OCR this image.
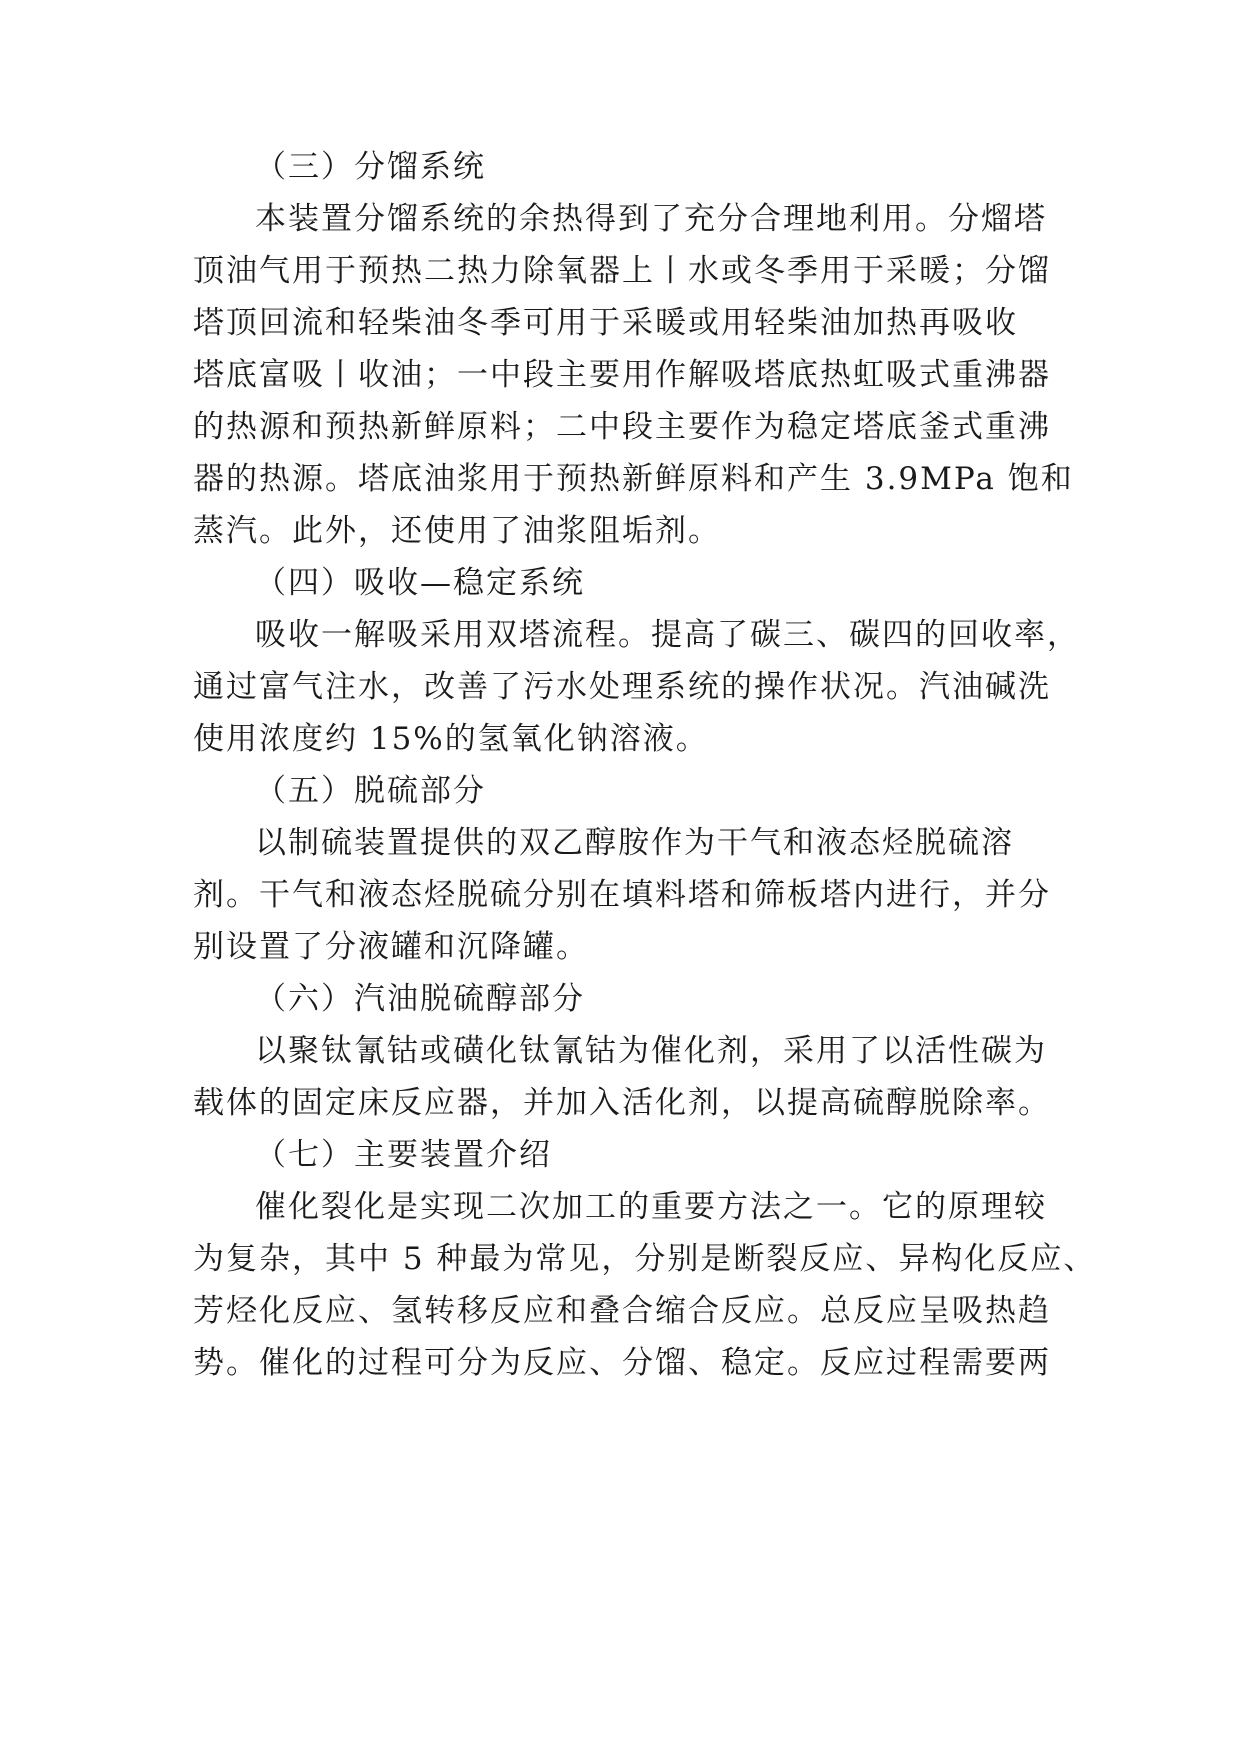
（三）分馏系统
本装置分馏系统的余热得到了充分合理地利用。分熘塔
顶油气用于预热二热力除氧器上丨水或冬季用于采暖；分馏
塔顶回流和轻柴油冬季可用于采暖或用轻柴油加热再吸收
塔底富吸丨收油；一中段主要用作解吸塔底热虹吸式重沸器
的热源和预热新鲜原料；二中段主要作为稳定塔底釜式重沸
器的热源。塔底油浆用于预热新鲜原料和产生 3.9MPa 饱和
蒸汽。此外，还使用了油浆阻垢剂。
（四）吸收—稳定系统
吸收一解吸采用双塔流程。提高了碳三、碳四的回收率，
通过富气注水，改善了污水处理系统的操作状况。汽油碱洗
使用浓度约 15%的氢氧化钠溶液。
（五）脱硫部分
以制硫装置提供的双乙醇胺作为干气和液态烃脱硫溶
剂。干气和液态烃脱硫分别在填料塔和筛板塔内进行，并分
别设置了分液罐和沉降罐。
（六）汽油脱硫醇部分
以聚钛氰钴或磺化钛氰钴为催化剂，采用了以活性碳为
载体的固定床反应器，并加入活化剂，以提高硫醇脱除率。
（七）主要装置介绍
催化裂化是实现二次加工的重要方法之一。它的原理较
为复杂，其中 5 种最为常见，分别是断裂反应、异构化反应、
芳烃化反应、氢转移反应和叠合缩合反应。总反应呈吸热趋
势。催化的过程可分为反应、分馏、稳定。反应过程需要两
